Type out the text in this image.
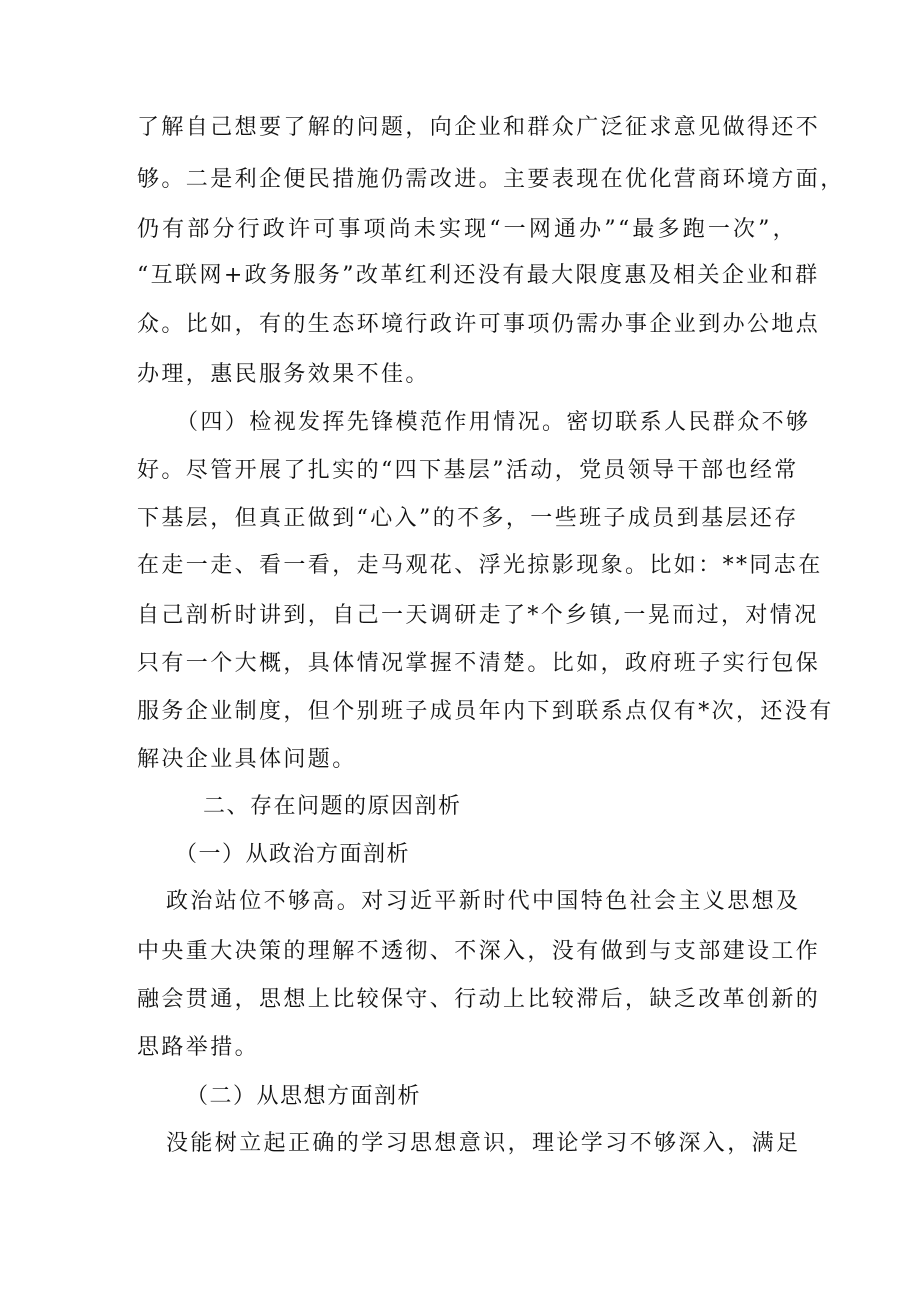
了解自己想要了解的问题，向企业和群众广泛征求意见做得还不
够。二是利企便民措施仍需改进。主要表现在优化营商环境方面，
仍有部分行政许可事项尚未实现“一网通办”“最多跑一次”，
“互联网+政务服务”改革红利还没有最大限度惠及相关企业和群
众。比如，有的生态环境行政许可事项仍需办事企业到办公地点
办理，惠民服务效果不佳。
（四）检视发挥先锋模范作用情况。密切联系人民群众不够
好。尽管开展了扎实的“四下基层”活动，党员领导干部也经常
下基层，但真正做到“心入”的不多，一些班子成员到基层还存
在走一走、看一看，走马观花、浮光掠影现象。比如：**同志在
自己剖析时讲到，自己一天调研走了*个乡镇,一晃而过，对情况
只有一个大概，具体情况掌握不清楚。比如，政府班子实行包保
服务企业制度，但个别班子成员年内下到联系点仅有*次，还没有
解决企业具体问题。
二、存在问题的原因剖析
（一）从政治方面剖析
政治站位不够高。对习近平新时代中国特色社会主义思想及
中央重大决策的理解不透彻、不深入，没有做到与支部建设工作
融会贯通，思想上比较保守、行动上比较滞后，缺乏改革创新的
思路举措。
（二）从思想方面剖析
没能树立起正确的学习思想意识，理论学习不够深入，满足
